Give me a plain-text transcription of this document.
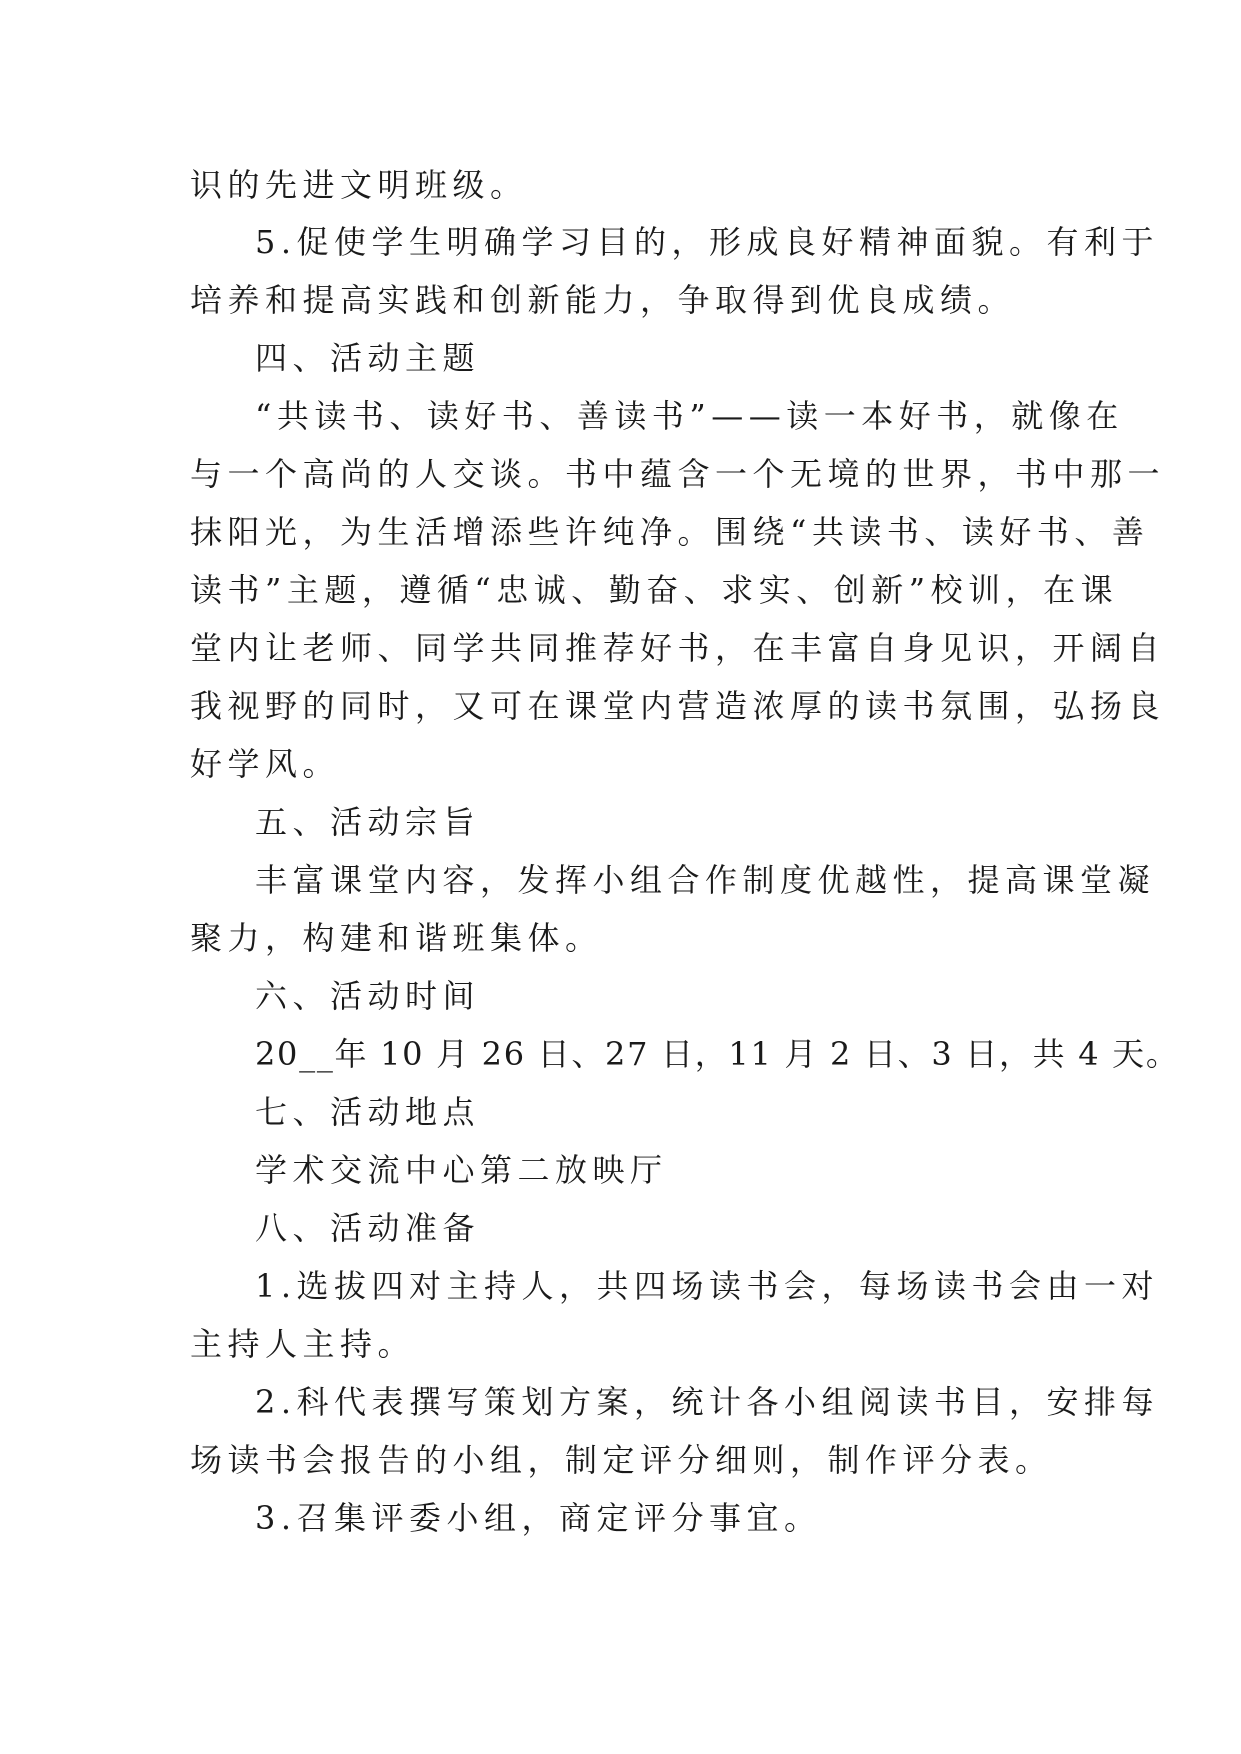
识的先进文明班级。
5.促使学生明确学习目的，形成良好精神面貌。有利于
培养和提高实践和创新能力，争取得到优良成绩。
四、活动主题
“共读书、读好书、善读书”——读一本好书，就像在
与一个高尚的人交谈。书中蕴含一个无境的世界，书中那一
抹阳光，为生活增添些许纯净。围绕“共读书、读好书、善
读书”主题，遵循“忠诚、勤奋、求实、创新”校训，在课
堂内让老师、同学共同推荐好书，在丰富自身见识，开阔自
我视野的同时，又可在课堂内营造浓厚的读书氛围，弘扬良
好学风。
五、活动宗旨
丰富课堂内容，发挥小组合作制度优越性，提高课堂凝
聚力，构建和谐班集体。
六、活动时间
20__年 10 月 26 日、27 日，11 月 2 日、3 日，共 4 天。
七、活动地点
学术交流中心第二放映厅
八、活动准备
1.选拔四对主持人，共四场读书会，每场读书会由一对
主持人主持。
2.科代表撰写策划方案，统计各小组阅读书目，安排每
场读书会报告的小组，制定评分细则，制作评分表。
3.召集评委小组，商定评分事宜。
